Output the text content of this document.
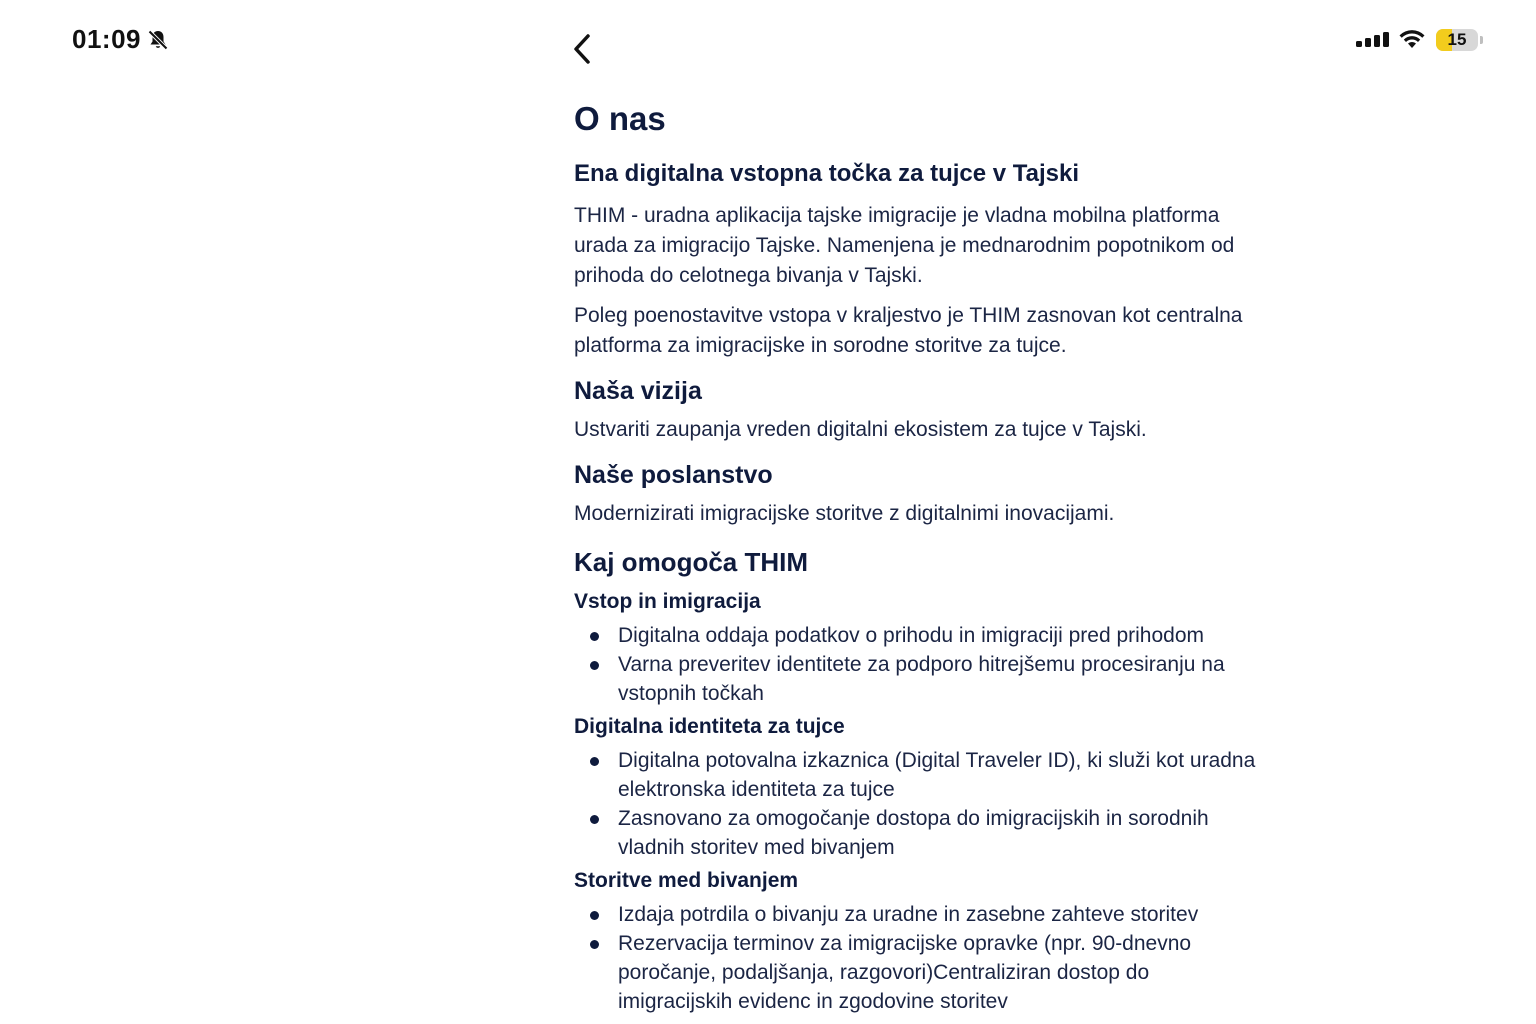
01:09	15
O nas
Ena digitalna vstopna točka za tujce v Tajski

THIM - uradna aplikacija tajske imigracije je vladna mobilna platforma urada za imigracijo Tajske. Namenjena je mednarodnim popotnikom od prihoda do celotnega bivanja v Tajski.

Poleg poenostavitve vstopa v kraljestvo je THIM zasnovan kot centralna platforma za imigracijske in sorodne storitve za tujce.

Naša vizija

Ustvariti zaupanja vreden digitalni ekosistem za tujce v Tajski.

Naše poslanstvo

Modernizirati imigracijske storitve z digitalnimi inovacijami.

Kaj omogoča THIM
Vstop in imigracija
Digitalna oddaja podatkov o prihodu in imigraciji pred prihodom
Varna preveritev identitete za podporo hitrejšemu procesiranju na vstopnih točkah
Digitalna identiteta za tujce
Digitalna potovalna izkaznica (Digital Traveler ID), ki služi kot uradna elektronska identiteta za tujce
Zasnovano za omogočanje dostopa do imigracijskih in sorodnih vladnih storitev med bivanjem
Storitve med bivanjem
Izdaja potrdila o bivanju za uradne in zasebne zahteve storitev
Rezervacija terminov za imigracijske opravke (npr. 90-dnevno poročanje, podaljšanja, razgovori)Centraliziran dostop do imigracijskih evidenc in zgodovine storitev
